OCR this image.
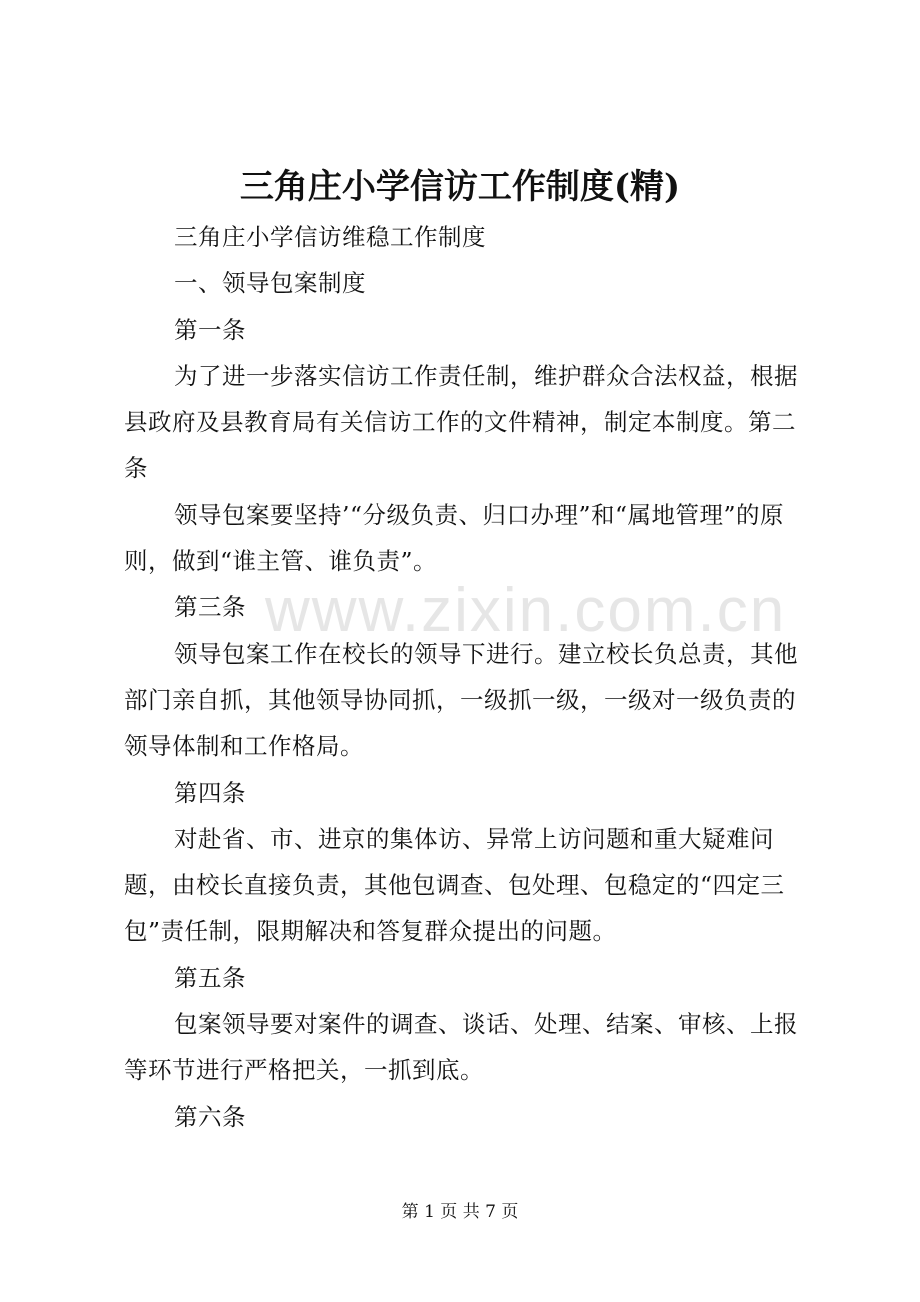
www.zixin.com.cn
三角庄小学信访工作制度(精)

三角庄小学信访维稳工作制度

一、领导包案制度

第一条

为了进一步落实信访工作责任制，维护群众合法权益，根据县政府及县教育局有关信访工作的文件精神，制定本制度。第二条

领导包案要坚持’“分级负责、归口办理”和“属地管理”的原则，做到“谁主管、谁负责”。

第三条

领导包案工作在校长的领导下进行。建立校长负总责，其他部门亲自抓，其他领导协同抓，一级抓一级，一级对一级负责的领导体制和工作格局。

第四条

对赴省、市、进京的集体访、异常上访问题和重大疑难问题，由校长直接负责，其他包调查、包处理、包稳定的“四定三包”责任制，限期解决和答复群众提出的问题。

第五条

包案领导要对案件的调查、谈话、处理、结案、审核、上报等环节进行严格把关，一抓到底。

第六条

第 1 页 共 7 页
